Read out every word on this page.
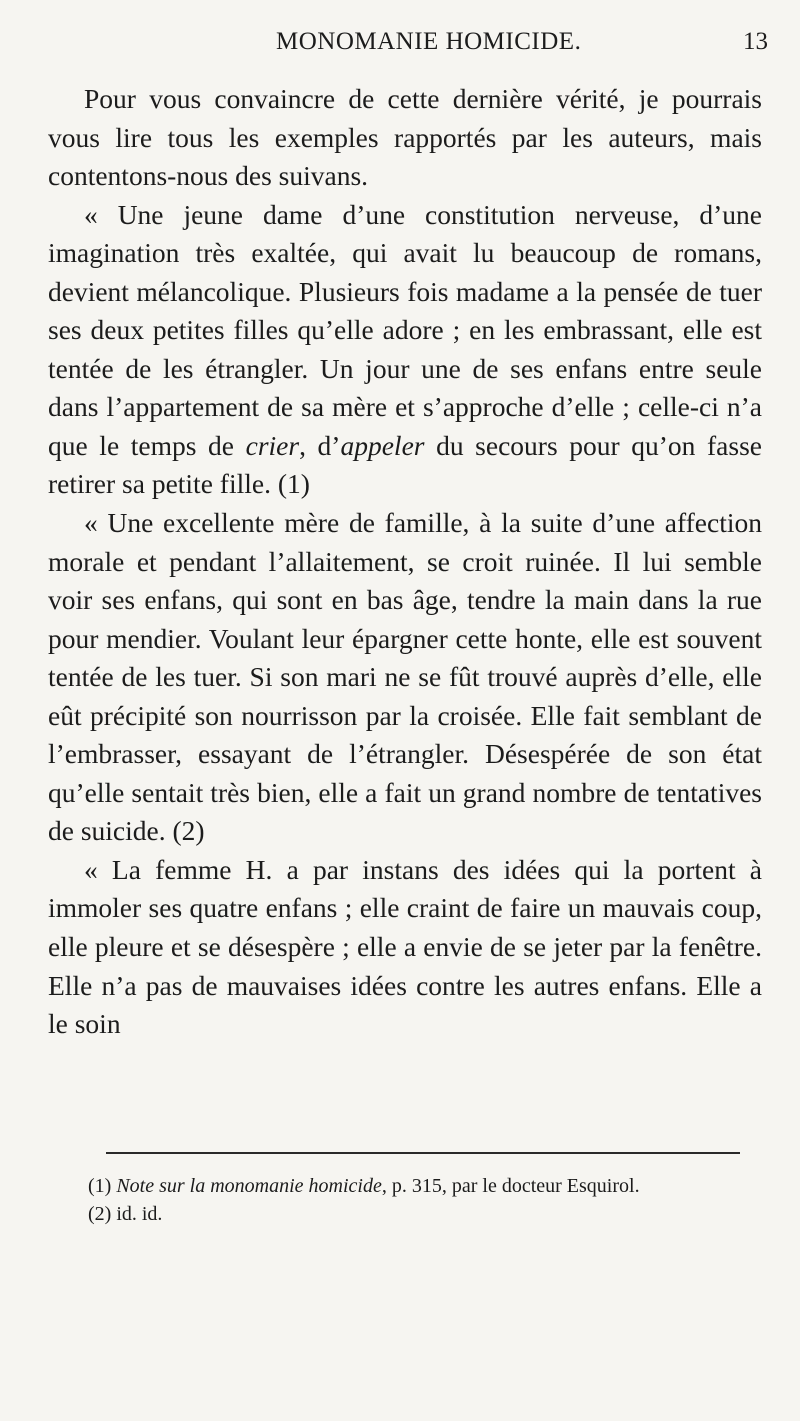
MONOMANIE HOMICIDE.	13

Pour vous convaincre de cette dernière vérité, je pourrais vous lire tous les exemples rapportés par les auteurs, mais contentons-nous des suivans.

« Une jeune dame d’une constitution nerveuse, d’une imagination très exaltée, qui avait lu beaucoup de romans, devient mélancolique. Plusieurs fois madame a la pensée de tuer ses deux petites filles qu’elle adore ; en les embrassant, elle est tentée de les étrangler. Un jour une de ses enfans entre seule dans l’appartement de sa mère et s’approche d’elle ; celle-ci n’a que le temps de crier, d’appeler du secours pour qu’on fasse retirer sa petite fille. (1)

« Une excellente mère de famille, à la suite d’une affection morale et pendant l’allaitement, se croit ruinée. Il lui semble voir ses enfans, qui sont en bas âge, tendre la main dans la rue pour mendier. Voulant leur épargner cette honte, elle est souvent tentée de les tuer. Si son mari ne se fût trouvé auprès d’elle, elle eût précipité son nourrisson par la croisée. Elle fait semblant de l’embrasser, essayant de l’étrangler. Désespérée de son état qu’elle sentait très bien, elle a fait un grand nombre de tentatives de suicide. (2)

« La femme H. a par instans des idées qui la portent à immoler ses quatre enfans ; elle craint de faire un mauvais coup, elle pleure et se désespère ; elle a envie de se jeter par la fenêtre. Elle n’a pas de mauvaises idées contre les autres enfans. Elle a le soin

(1) Note sur la monomanie homicide, p. 315, par le docteur Esquirol.

(2) id. id.
